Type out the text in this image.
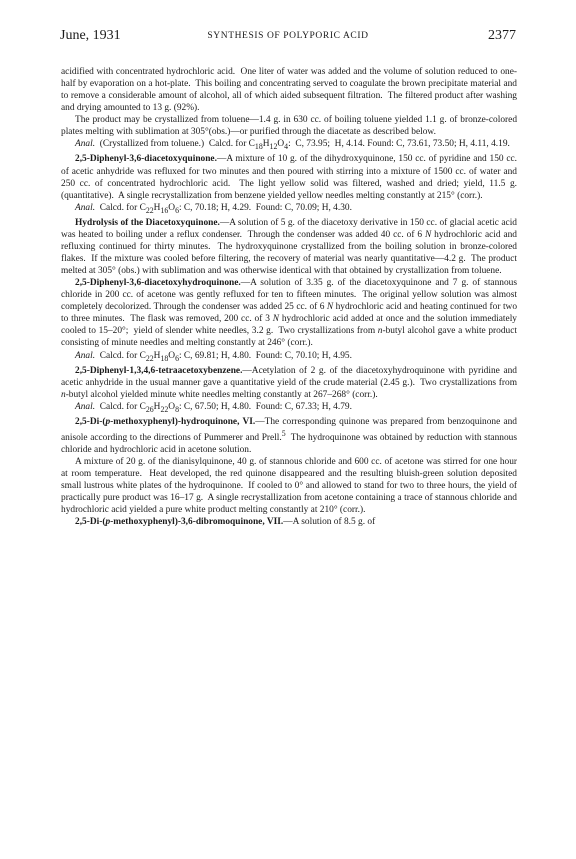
June, 1931	SYNTHESIS OF POLYPORIC ACID	2377

acidified with concentrated hydrochloric acid.  One liter of water was added and the volume of solution reduced to one-half by evaporation on a hot-plate.  This boiling and concentrating served to coagulate the brown precipitate material and to remove a considerable amount of alcohol, all of which aided subsequent filtration.  The filtered product after washing and drying amounted to 13 g. (92%).

The product may be crystallized from toluene—1.4 g. in 630 cc. of boiling toluene yielded 1.1 g. of bronze-colored plates melting with sublimation at 305°(obs.)—or purified through the diacetate as described below.

Anal.  (Crystallized from toluene.)  Calcd. for $C_{18}H_{12}O_4$:  C, 73.95;  H, 4.14. Found: C, 73.61, 73.50; H, 4.11, 4.19.

2,5-Diphenyl-3,6-diacetoxyquinone.—A mixture of 10 g. of the dihydroxyquinone, 150 cc. of pyridine and 150 cc. of acetic anhydride was refluxed for two minutes and then poured with stirring into a mixture of 1500 cc. of water and 250 cc. of concentrated hydrochloric acid.  The light yellow solid was filtered, washed and dried; yield, 11.5 g. (quantitative).  A single recrystallization from benzene yielded yellow needles melting constantly at 215° (corr.).

Anal.  Calcd. for $C_{22}H_{16}O_6$: C, 70.18; H, 4.29.  Found: C, 70.09; H, 4.30.

Hydrolysis of the Diacetoxyquinone.—A solution of 5 g. of the diacetoxy derivative in 150 cc. of glacial acetic acid was heated to boiling under a reflux condenser.  Through the condenser was added 40 cc. of 6 N hydrochloric acid and refluxing continued for thirty minutes.  The hydroxyquinone crystallized from the boiling solution in bronze-colored flakes.  If the mixture was cooled before filtering, the recovery of material was nearly quantitative—4.2 g.  The product melted at 305° (obs.) with sublimation and was otherwise identical with that obtained by crystallization from toluene.

2,5-Diphenyl-3,6-diacetoxyhydroquinone.—A solution of 3.35 g. of the diacetoxyquinone and 7 g. of stannous chloride in 200 cc. of acetone was gently refluxed for ten to fifteen minutes.  The original yellow solution was almost completely decolorized. Through the condenser was added 25 cc. of 6 N hydrochloric acid and heating continued for two to three minutes.  The flask was removed, 200 cc. of 3 N hydrochloric acid added at once and the solution immediately cooled to 15–20°;  yield of slender white needles, 3.2 g.  Two crystallizations from n-butyl alcohol gave a white product consisting of minute needles and melting constantly at 246° (corr.).

Anal.  Calcd. for $C_{22}H_{18}O_6$: C, 69.81; H, 4.80.  Found: C, 70.10; H, 4.95.

2,5-Diphenyl-1,3,4,6-tetraacetoxybenzene.—Acetylation of 2 g. of the diacetoxyhydroquinone with pyridine and acetic anhydride in the usual manner gave a quantitative yield of the crude material (2.45 g.).  Two crystallizations from n-butyl alcohol yielded minute white needles melting constantly at 267–268° (corr.).

Anal.  Calcd. for $C_{26}H_{22}O_8$: C, 67.50; H, 4.80.  Found: C, 67.33; H, 4.79.

2,5-Di-(p-methoxyphenyl)-hydroquinone, VI.—The corresponding quinone was prepared from benzoquinone and anisole according to the directions of Pummerer and Prell.$^5$  The hydroquinone was obtained by reduction with stannous chloride and hydrochloric acid in acetone solution.

A mixture of 20 g. of the dianisylquinone, 40 g. of stannous chloride and 600 cc. of acetone was stirred for one hour at room temperature.  Heat developed, the red quinone disappeared and the resulting bluish-green solution deposited small lustrous white plates of the hydroquinone.  If cooled to 0° and allowed to stand for two to three hours, the yield of practically pure product was 16–17 g.  A single recrystallization from acetone containing a trace of stannous chloride and hydrochloric acid yielded a pure white product melting constantly at 210° (corr.).

2,5-Di-(p-methoxyphenyl)-3,6-dibromoquinone, VII.—A solution of 8.5 g. of
